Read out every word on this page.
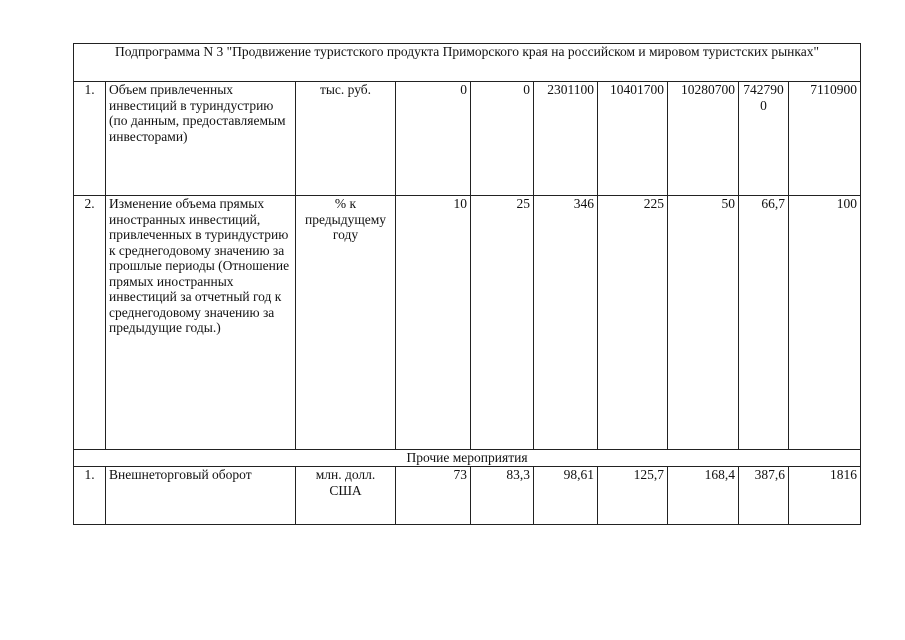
Подпрограмма N 3 "Продвижение туристского продукта Приморского края на российском и мировом туристских рынках"									
1.	Объем привлеченных инвестиций в туриндустрию (по данным, предоставляемым инвесторами)	тыс. руб.	0	0	2301100	10401700	10280700	7427900	7110900
2.	Изменение объема прямых иностранных инвестиций, привлеченных в туриндустрию к среднегодовому значению за прошлые периоды (Отношение прямых иностранных инвестиций за отчетный год к среднегодовому значению за предыдущие годы.)	% к предыдущему году	10	25	346	225	50	66,7	100
Прочие мероприятия									
1.	Внешнеторговый оборот	млн. долл. США	73	83,3	98,61	125,7	168,4	387,6	1816
